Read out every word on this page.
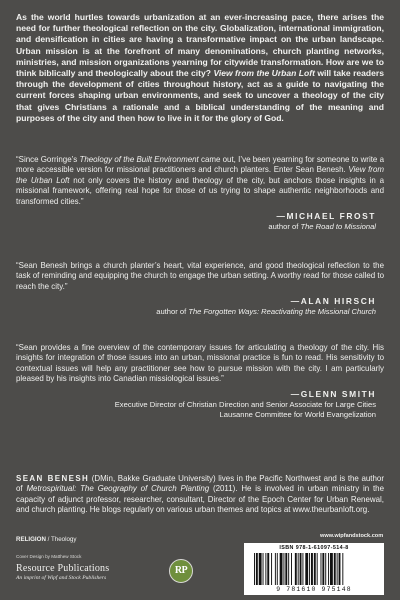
As the world hurtles towards urbanization at an ever-increasing pace, there arises the need for further theological reflection on the city. Globalization, international immigration, and densification in cities are having a transformative impact on the urban landscape. Urban mission is at the forefront of many denominations, church planting networks, ministries, and mission organizations yearning for citywide transformation. How are we to think biblically and theologically about the city? View from the Urban Loft will take readers through the development of cities throughout history, act as a guide to navigating the current forces shaping urban environments, and seek to uncover a theology of the city that gives Christians a rationale and a biblical understanding of the meaning and purposes of the city and then how to live in it for the glory of God.

“Since Gorringe’s Theology of the Built Environment came out, I’ve been yearning for someone to write a more accessible version for missional practitioners and church planters. Enter Sean Benesh. View from the Urban Loft not only covers the history and theology of the city, but anchors those insights in a missional framework, offering real hope for those of us trying to shape authentic neighborhoods and transformed cities.”

—MICHAEL FROST
author of The Road to Missional

“Sean Benesh brings a church planter’s heart, vital experience, and good theological reflection to the task of reminding and equipping the church to engage the urban setting. A worthy read for those called to reach the city.”

—ALAN HIRSCH
author of The Forgotten Ways: Reactivating the Missional Church

“Sean provides a fine overview of the contemporary issues for articulating a theology of the city. His insights for integration of those issues into an urban, missional practice is fun to read. His sensitivity to contextual issues will help any practitioner see how to pursue mission with the city. I am particularly pleased by his insights into Canadian missiological issues.”

—GLENN SMITH
Executive Director of Christian Direction and Senior Associate for Large Cities
Lausanne Committee for World Evangelization

SEAN BENESH (DMin, Bakke Graduate University) lives in the Pacific Northwest and is the author of Metrospiritual: The Geography of Church Planting (2011). He is involved in urban ministry in the capacity of adjunct professor, researcher, consultant, Director of the Epoch Center for Urban Renewal, and church planting. He blogs regularly on various urban themes and topics at www.theurbanloft.org.

RELIGION / Theology
Cover Design by Matthew Stock
Resource Publications
An imprint of Wipf and Stock Publishers
RP
www.wipfandstock.com
ISBN 978-1-61097-514-8
9 781610 975148
